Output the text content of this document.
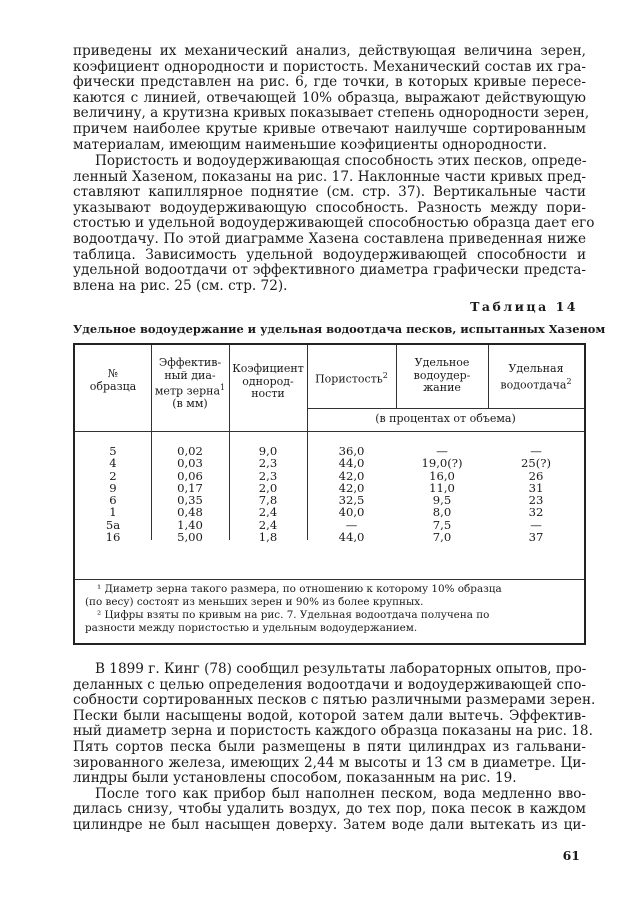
приведены их механический анализ, действующая величина зерен,
коэфициент однородности и пористость. Механический состав их гра-
фически представлен на рис. 6, где точки, в которых кривые пересе-
каются с линией, отвечающей 10% образца, выражают действующую
величину, а крутизна кривых показывает степень однородности зерен,
причем наиболее крутые кривые отвечают наилучше сортированным
материалам, имеющим наименьшие коэфициенты однородности.

Пористость и водоудерживающая способность этих песков, опреде-
ленный Хазеном, показаны на рис. 17. Наклонные части кривых пред-
ставляют капиллярное поднятие (см. стр. 37). Вертикальные части
указывают водоудерживающую способность. Разность между пори-
стостью и удельной водоудерживающей способностью образца дает его
водоотдачу. По этой диаграмме Хазена составлена приведенная ниже
таблица. Зависимость удельной водоудерживающей способности и
удельной водоотдачи от эффективного диаметра графически предста-
влена на рис. 25 (см. стр. 72).

Таблица 14
Удельное водоудержание и удельная водоотдача песков, испытанных Хазеном
№
образца
Эффектив-
ный диа-
метр зерна$^1$
(в мм)
Коэфициент
однород-
ности
Пористость$^2$
Удельное
водоудер-
жание
Удельная
водоотдача$^2$
(в процентах от объема)
5
4
2
9
6
1
5а
16
0,02
0,03
0,06
0,17
0,35
0,48
1,40
5,00
9,0
2,3
2,3
2,0
7,8
2,4
2,4
1,8
36,0
44,0
42,0
42,0
32,5
40,0
—
44,0
—
19,0(?)
16,0
11,0
9,5
8,0
7,5
7,0
—
25(?)
26
31
23
32
—
37
¹ Диаметр зерна такого размера, по отношению к которому 10% образца
(по весу) состоят из меньших зерен и 90% из более крупных.
² Цифры взяты по кривым на рис. 7. Удельная водоотдача получена по
разности между пористостью и удельным водоудержанием.

В 1899 г. Кинг (78) сообщил результаты лабораторных опытов, про-
деланных с целью определения водоотдачи и водоудерживающей спо-
собности сортированных песков с пятью различными размерами зерен.
Пески были насыщены водой, которой затем дали вытечь. Эффектив-
ный диаметр зерна и пористость каждого образца показаны на рис. 18.
Пять сортов песка были размещены в пяти цилиндрах из гальвани-
зированного железа, имеющих 2,44 м высоты и 13 см в диаметре. Ци-
линдры были установлены способом, показанным на рис. 19.
После того как прибор был наполнен песком, вода медленно вво-
дилась снизу, чтобы удалить воздух, до тех пор, пока песок в каждом
цилиндре не был насыщен доверху. Затем воде дали вытекать из ци-

61
